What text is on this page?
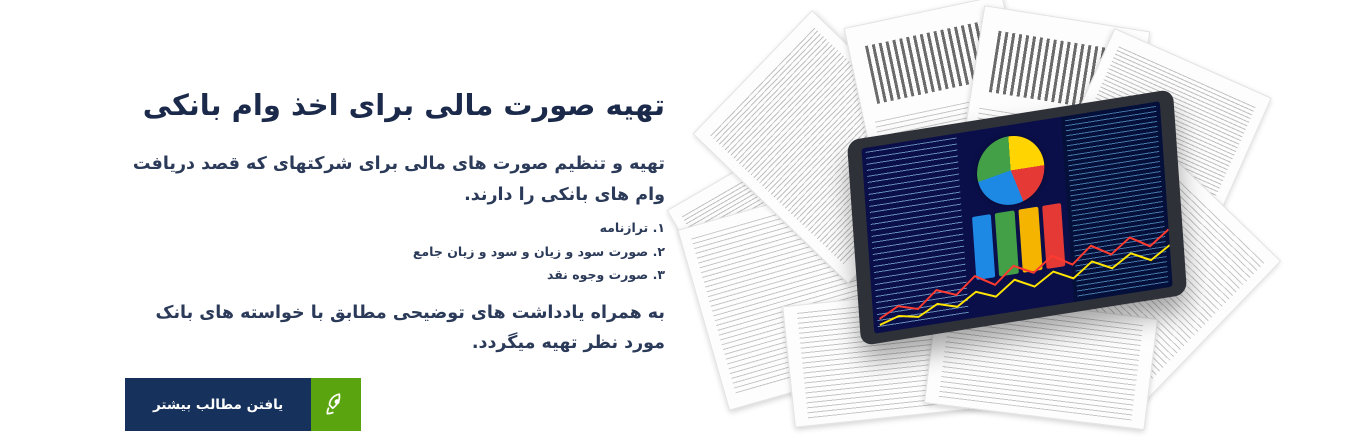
تهیه صورت مالی برای اخذ وام بانکی

تهیه و تنظیم صورت های مالی برای شرکتهای که قصد دریافت وام های بانکی را دارند.

۱. ترازنامه
۲. صورت سود و زیان و سود و زیان جامع
۳. صورت وجوه نقد

به همراه یادداشت های توضیحی مطابق با خواسته های بانک مورد نظر تهیه میگردد.

یافتن مطالب بیشتر
